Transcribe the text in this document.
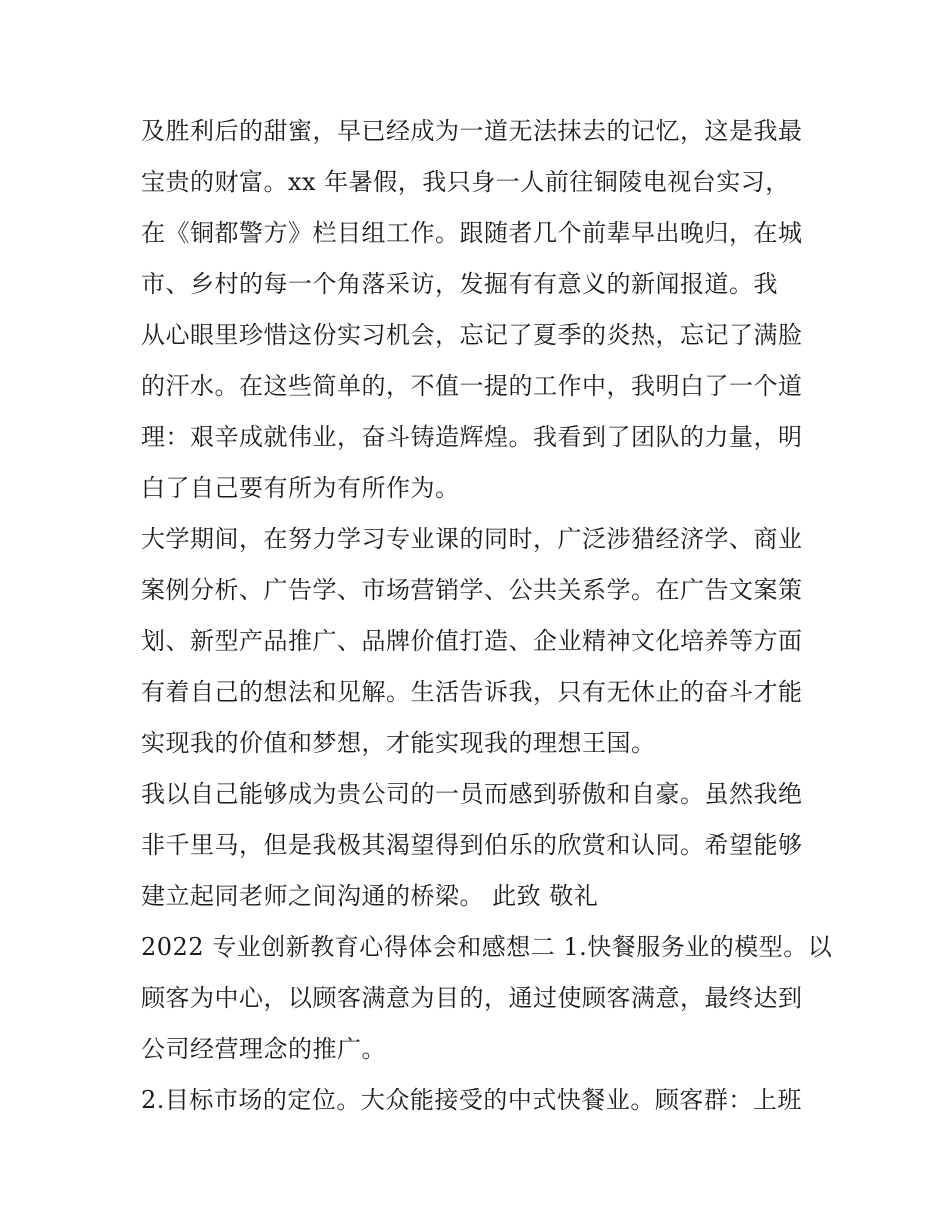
及胜利后的甜蜜，早已经成为一道无法抹去的记忆，这是我最
宝贵的财富。xx 年暑假，我只身一人前往铜陵电视台实习，
在《铜都警方》栏目组工作。跟随者几个前辈早出晚归，在城
市、乡村的每一个角落采访，发掘有有意义的新闻报道。我
从心眼里珍惜这份实习机会，忘记了夏季的炎热，忘记了满脸
的汗水。在这些简单的，不值一提的工作中，我明白了一个道
理：艰辛成就伟业，奋斗铸造辉煌。我看到了团队的力量，明
白了自己要有所为有所作为。
大学期间，在努力学习专业课的同时，广泛涉猎经济学、商业
案例分析、广告学、市场营销学、公共关系学。在广告文案策
划、新型产品推广、品牌价值打造、企业精神文化培养等方面
有着自己的想法和见解。生活告诉我，只有无休止的奋斗才能
实现我的价值和梦想，才能实现我的理想王国。
我以自己能够成为贵公司的一员而感到骄傲和自豪。虽然我绝
非千里马，但是我极其渴望得到伯乐的欣赏和认同。希望能够
建立起同老师之间沟通的桥梁。 此致 敬礼
2022 专业创新教育心得体会和感想二 1.快餐服务业的模型。以
顾客为中心，以顾客满意为目的，通过使顾客满意，最终达到
公司经营理念的推广。
2.目标市场的定位。大众能接受的中式快餐业。顾客群：上班
